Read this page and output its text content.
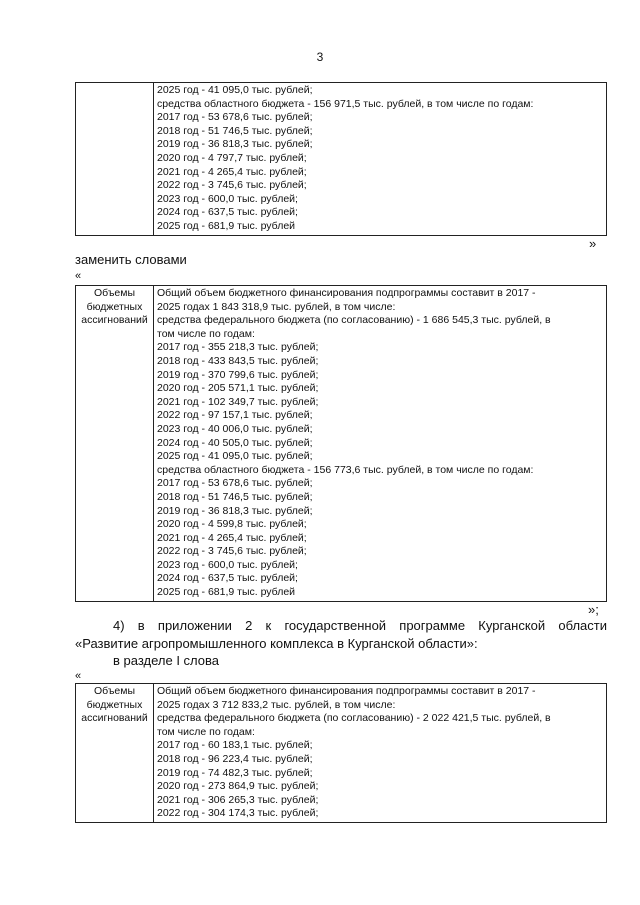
3

2025 год - 41 095,0 тыс. рублей;
средства областного бюджета - 156 971,5 тыс. рублей, в том числе по годам:
2017 год - 53 678,6 тыс. рублей;
2018 год - 51 746,5 тыс. рублей;
2019 год - 36 818,3 тыс. рублей;
2020 год - 4 797,7 тыс. рублей;
2021 год - 4 265,4 тыс. рублей;
2022 год - 3 745,6 тыс. рублей;
2023 год - 600,0 тыс. рублей;
2024 год - 637,5 тыс. рублей;
2025 год - 681,9 тыс. рублей
»
заменить словами
«
Объемы
бюджетных
ассигнований

Общий объем бюджетного финансирования подпрограммы составит в 2017 -
2025 годах 1 843 318,9 тыс. рублей, в том числе:
средства федерального бюджета (по согласованию) - 1 686 545,3 тыс. рублей, в
том числе по годам:
2017 год - 355 218,3 тыс. рублей;
2018 год - 433 843,5 тыс. рублей;
2019 год - 370 799,6 тыс. рублей;
2020 год - 205 571,1 тыс. рублей;
2021 год - 102 349,7 тыс. рублей;
2022 год - 97 157,1 тыс. рублей;
2023 год - 40 006,0 тыс. рублей;
2024 год - 40 505,0 тыс. рублей;
2025 год - 41 095,0 тыс. рублей;
средства областного бюджета - 156 773,6 тыс. рублей, в том числе по годам:
2017 год - 53 678,6 тыс. рублей;
2018 год - 51 746,5 тыс. рублей;
2019 год - 36 818,3 тыс. рублей;
2020 год - 4 599,8 тыс. рублей;
2021 год - 4 265,4 тыс. рублей;
2022 год - 3 745,6 тыс. рублей;
2023 год - 600,0 тыс. рублей;
2024 год - 637,5 тыс. рублей;
2025 год - 681,9 тыс. рублей
»;
4) в приложении 2 к государственной программе Курганской области
«Развитие агропромышленного комплекса в Курганской области»:
в разделе I слова
«
Объемы
бюджетных
ассигнований

Общий объем бюджетного финансирования подпрограммы составит в 2017 -
2025 годах 3 712 833,2 тыс. рублей, в том числе:
средства федерального бюджета (по согласованию) - 2 022 421,5 тыс. рублей, в
том числе по годам:
2017 год - 60 183,1 тыс. рублей;
2018 год - 96 223,4 тыс. рублей;
2019 год - 74 482,3 тыс. рублей;
2020 год - 273 864,9 тыс. рублей;
2021 год - 306 265,3 тыс. рублей;
2022 год - 304 174,3 тыс. рублей;
